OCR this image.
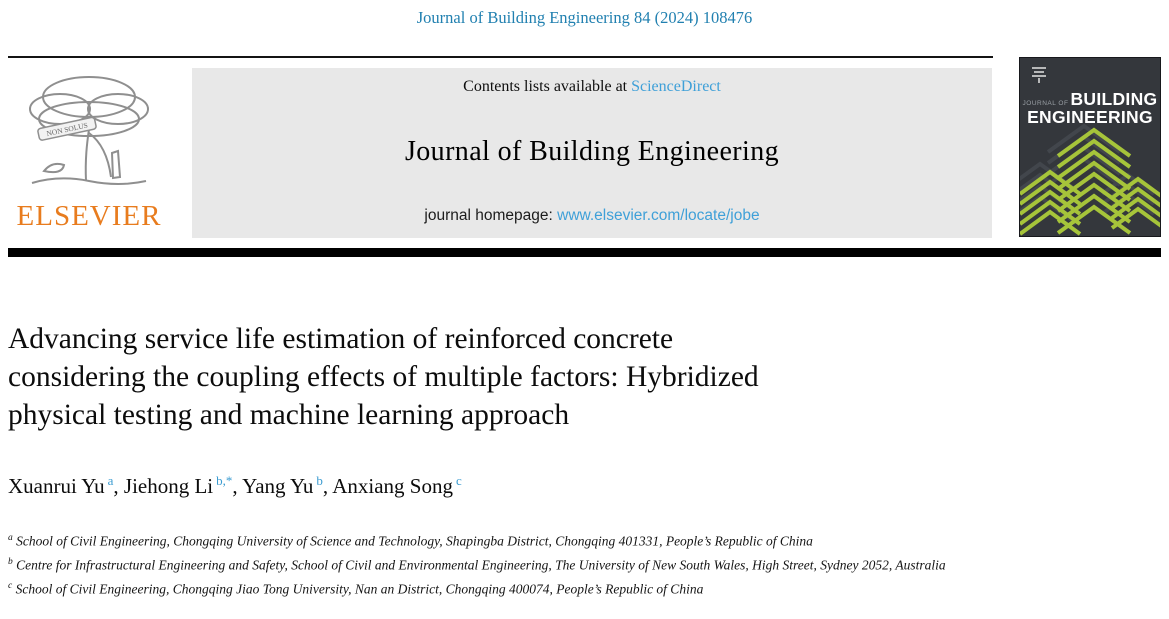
Journal of Building Engineering 84 (2024) 108476
NON SOLUS
ELSEVIER
Contents lists available at ScienceDirect
Journal of Building Engineering
journal homepage: www.elsevier.com/locate/jobe
JOURNAL OF BUILDING
ENGINEERING
Advancing service life estimation of reinforced concrete
considering the coupling effects of multiple factors: Hybridized
physical testing and machine learning approach
Xuanrui Yu $^a$, Jiehong Li $^{b,*}$, Yang Yu $^b$, Anxiang Song $^c$
$^a$ School of Civil Engineering, Chongqing University of Science and Technology, Shapingba District, Chongqing 401331, People’s Republic of China
$^b$ Centre for Infrastructural Engineering and Safety, School of Civil and Environmental Engineering, The University of New South Wales, High Street, Sydney 2052, Australia
$^c$ School of Civil Engineering, Chongqing Jiao Tong University, Nan an District, Chongqing 400074, People’s Republic of China
